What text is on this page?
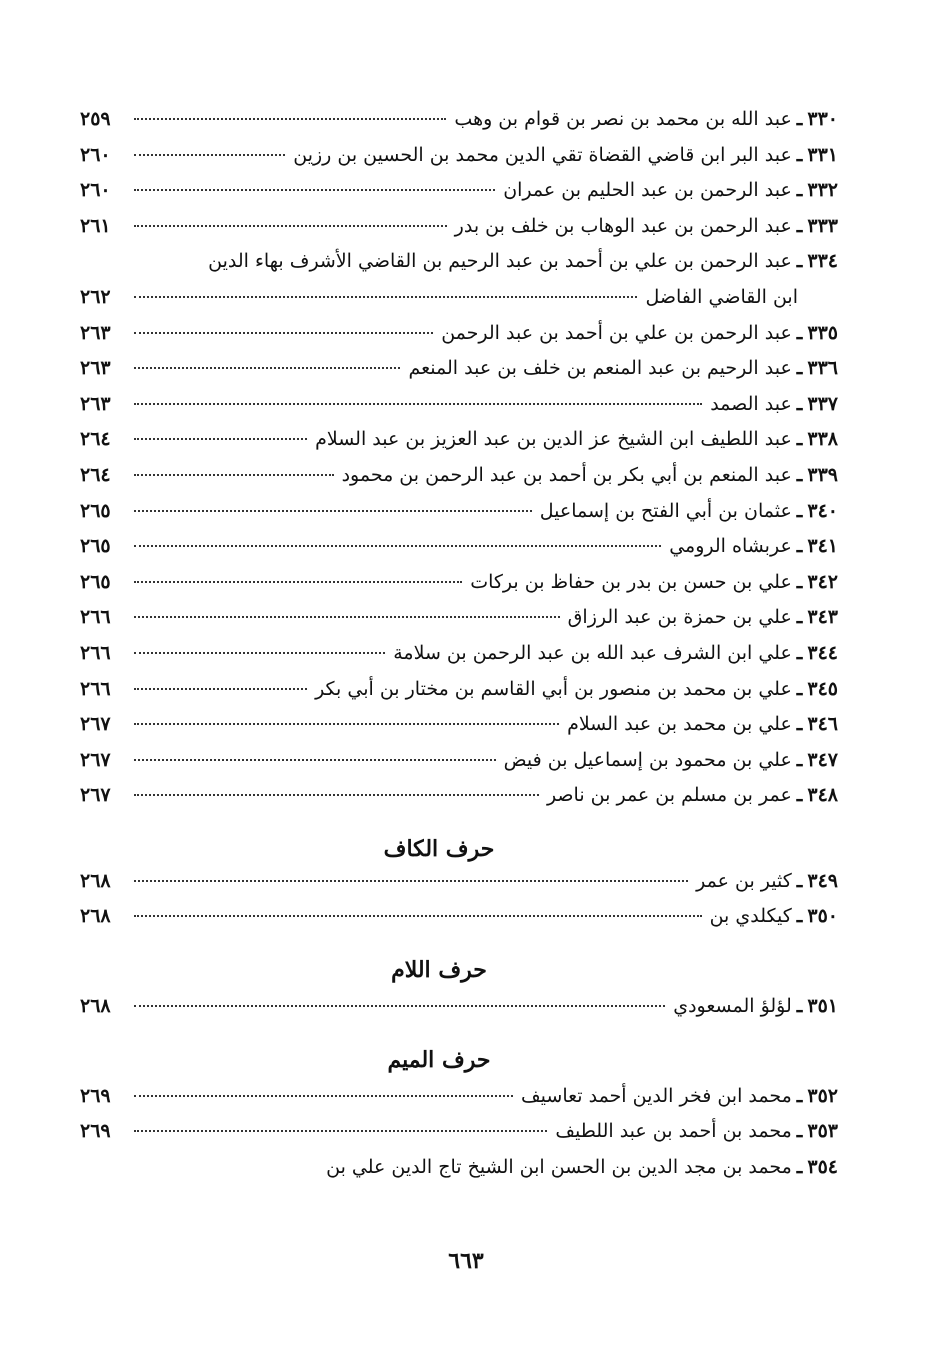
٣٣٠
ـ
عبد الله بن محمد بن نصر بن قوام بن وهب
٢٥٩
٣٣١
ـ
عبد البر ابن قاضي القضاة تقي الدين محمد بن الحسين بن رزين
٢٦٠
٣٣٢
ـ
عبد الرحمن بن عبد الحليم بن عمران
٢٦٠
٣٣٣
ـ
عبد الرحمن بن عبد الوهاب بن خلف بن بدر
٢٦١
٣٣٤
ـ
عبد الرحمن بن علي بن أحمد بن عبد الرحيم بن القاضي الأشرف بهاء الدين
ابن القاضي الفاضل
٢٦٢
٣٣٥
ـ
عبد الرحمن بن علي بن أحمد بن عبد الرحمن
٢٦٣
٣٣٦
ـ
عبد الرحيم بن عبد المنعم بن خلف بن عبد المنعم
٢٦٣
٣٣٧
ـ
عبد الصمد
٢٦٣
٣٣٨
ـ
عبد اللطيف ابن الشيخ عز الدين بن عبد العزيز بن عبد السلام
٢٦٤
٣٣٩
ـ
عبد المنعم بن أبي بكر بن أحمد بن عبد الرحمن بن محمود
٢٦٤
٣٤٠
ـ
عثمان بن أبي الفتح بن إسماعيل
٢٦٥
٣٤١
ـ
عربشاه الرومي
٢٦٥
٣٤٢
ـ
علي بن حسن بن بدر بن حفاظ بن بركات
٢٦٥
٣٤٣
ـ
علي بن حمزة بن عبد الرزاق
٢٦٦
٣٤٤
ـ
علي ابن الشرف عبد الله بن عبد الرحمن بن سلامة
٢٦٦
٣٤٥
ـ
علي بن محمد بن منصور بن أبي القاسم بن مختار بن أبي بكر
٢٦٦
٣٤٦
ـ
علي بن محمد بن عبد السلام
٢٦٧
٣٤٧
ـ
علي بن محمود بن إسماعيل بن فيض
٢٦٧
٣٤٨
ـ
عمر بن مسلم بن عمر بن ناصر
٢٦٧
حرف الكاف
٣٤٩
ـ
كثير بن عمر
٢٦٨
٣٥٠
ـ
كيكلدي بن
٢٦٨
حرف اللام
٣٥١
ـ
لؤلؤ المسعودي
٢٦٨
حرف الميم
٣٥٢
ـ
محمد ابن فخر الدين أحمد تعاسيف
٢٦٩
٣٥٣
ـ
محمد بن أحمد بن عبد اللطيف
٢٦٩
٣٥٤
ـ
محمد بن مجد الدين بن الحسن ابن الشيخ تاج الدين علي بن
٦٦٣
